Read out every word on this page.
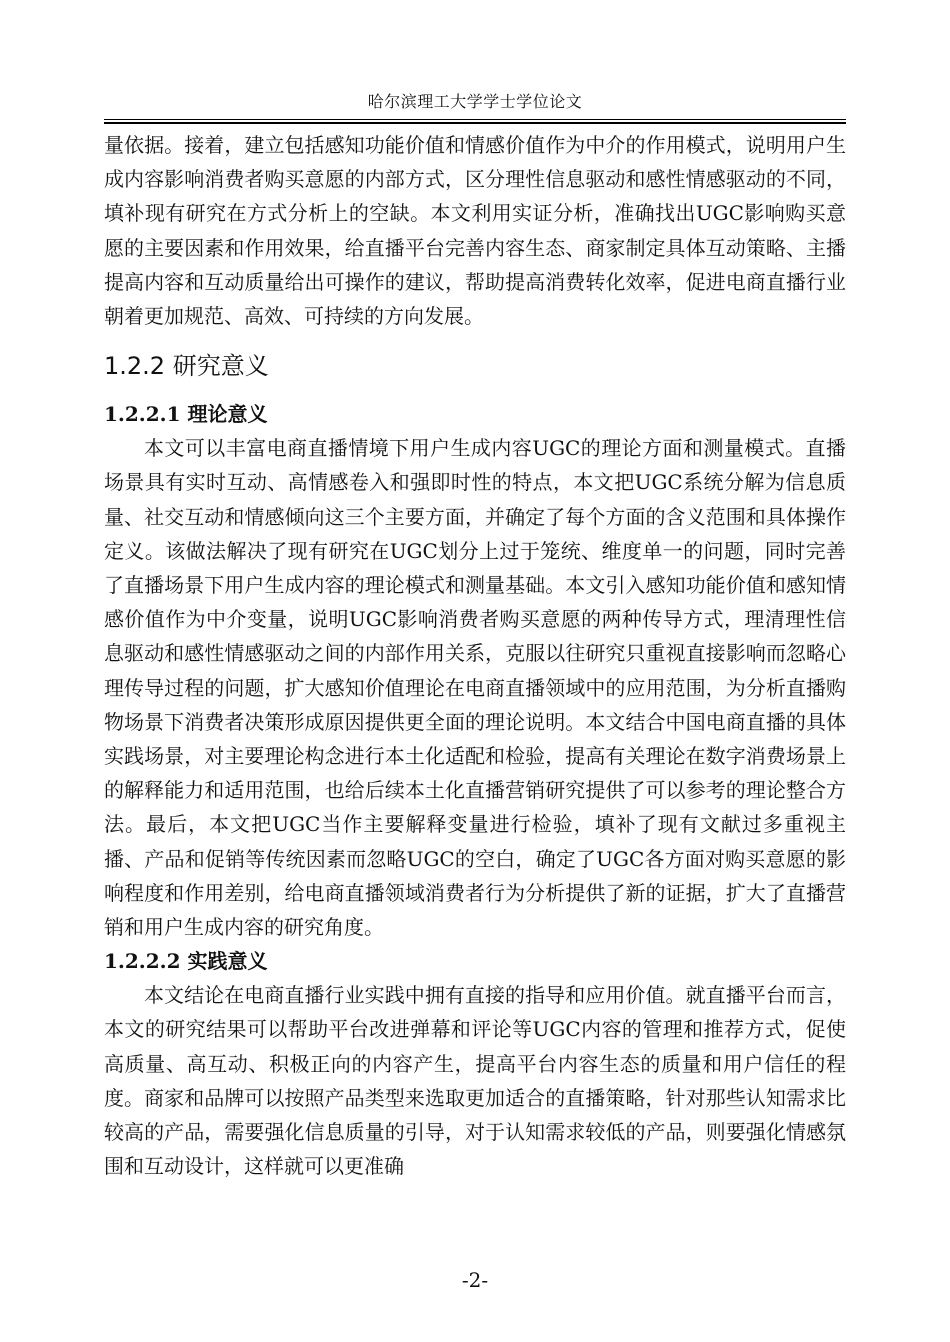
哈尔滨理工大学学士学位论文

量依据。接着，建立包括感知功能价值和情感价值作为中介的作用模式，说明用户生成内容影响消费者购买意愿的内部方式，区分理性信息驱动和感性情感驱动的不同，填补现有研究在方式分析上的空缺。本文利用实证分析，准确找出UGC影响购买意愿的主要因素和作用效果，给直播平台完善内容生态、商家制定具体互动策略、主播提高内容和互动质量给出可操作的建议，帮助提高消费转化效率，促进电商直播行业朝着更加规范、高效、可持续的方向发展。

1.2.2 研究意义
1.2.2.1 理论意义

本文可以丰富电商直播情境下用户生成内容UGC的理论方面和测量模式。直播场景具有实时互动、高情感卷入和强即时性的特点，本文把UGC系统分解为信息质量、社交互动和情感倾向这三个主要方面，并确定了每个方面的含义范围和具体操作定义。该做法解决了现有研究在UGC划分上过于笼统、维度单一的问题，同时完善了直播场景下用户生成内容的理论模式和测量基础。本文引入感知功能价值和感知情感价值作为中介变量，说明UGC影响消费者购买意愿的两种传导方式，理清理性信息驱动和感性情感驱动之间的内部作用关系，克服以往研究只重视直接影响而忽略心理传导过程的问题，扩大感知价值理论在电商直播领域中的应用范围，为分析直播购物场景下消费者决策形成原因提供更全面的理论说明。本文结合中国电商直播的具体实践场景，对主要理论构念进行本土化适配和检验，提高有关理论在数字消费场景上的解释能力和适用范围，也给后续本土化直播营销研究提供了可以参考的理论整合方法。最后，本文把UGC当作主要解释变量进行检验，填补了现有文献过多重视主播、产品和促销等传统因素而忽略UGC的空白，确定了UGC各方面对购买意愿的影响程度和作用差别，给电商直播领域消费者行为分析提供了新的证据，扩大了直播营销和用户生成内容的研究角度。

1.2.2.2 实践意义

本文结论在电商直播行业实践中拥有直接的指导和应用价值。就直播平台而言，本文的研究结果可以帮助平台改进弹幕和评论等UGC内容的管理和推荐方式，促使高质量、高互动、积极正向的内容产生，提高平台内容生态的质量和用户信任的程度。商家和品牌可以按照产品类型来选取更加适合的直播策略，针对那些认知需求比较高的产品，需要强化信息质量的引导，对于认知需求较低的产品，则要强化情感氛围和互动设计，这样就可以更准确

-2-
